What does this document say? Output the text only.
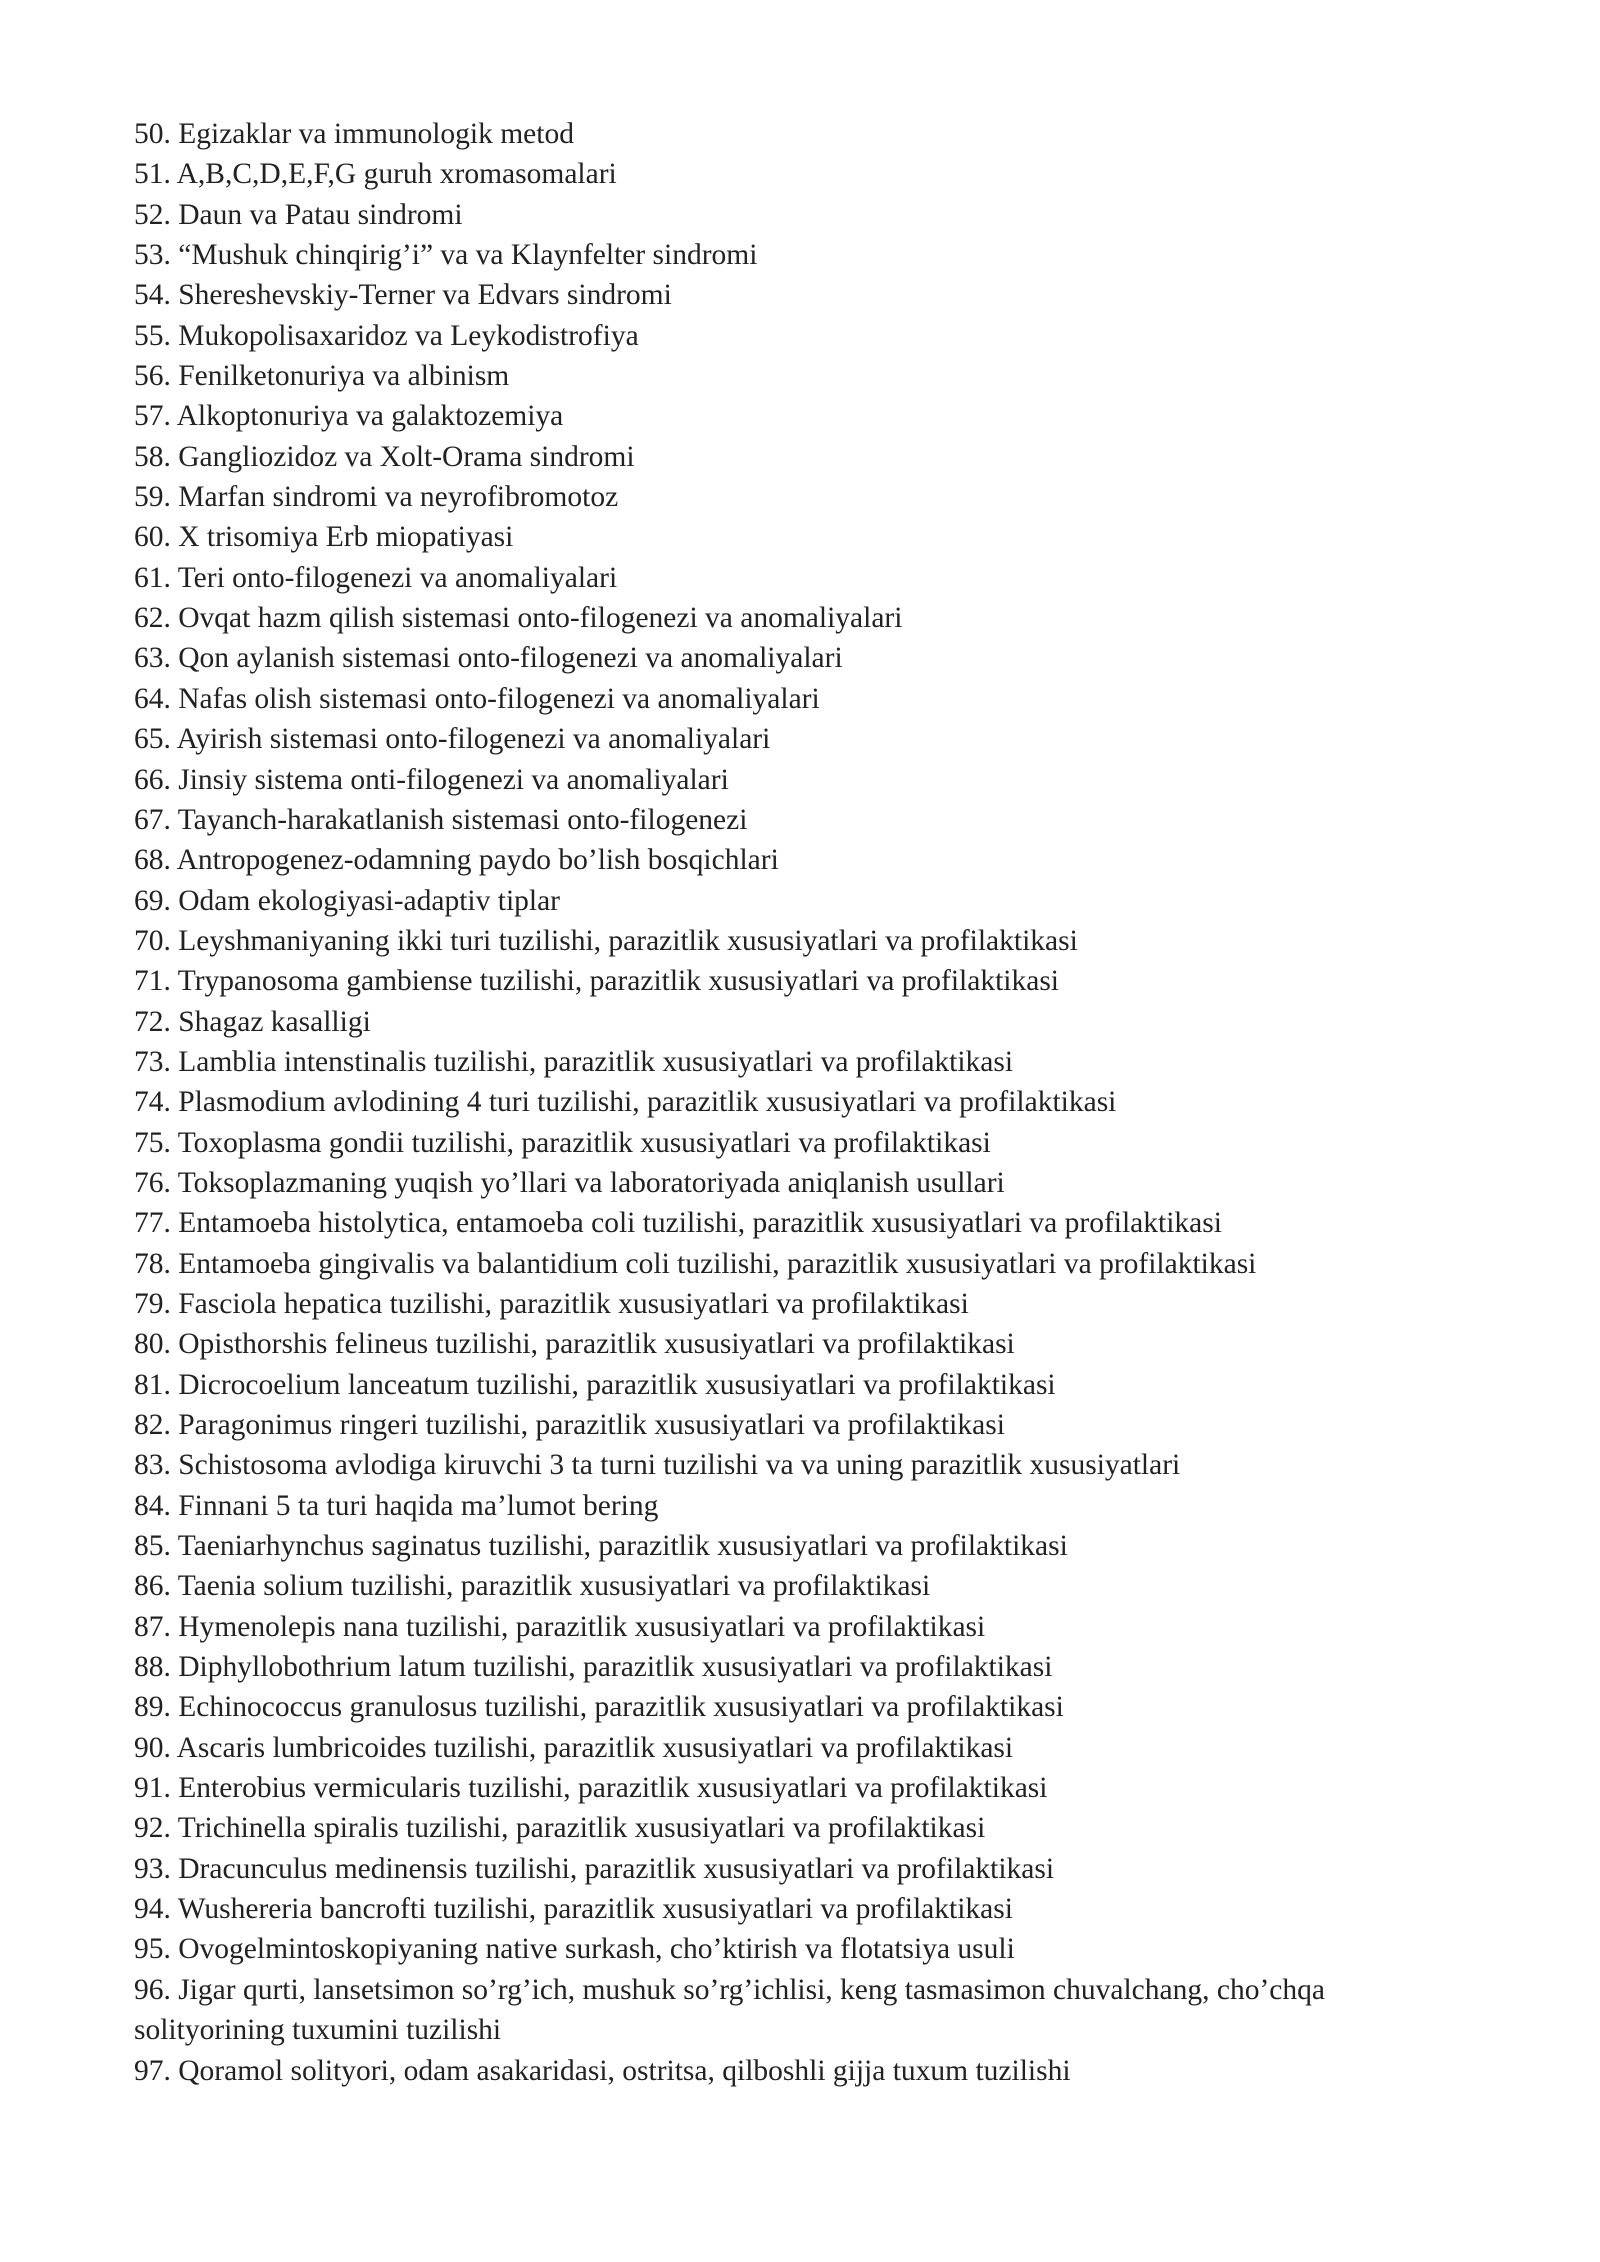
50. Egizaklar va immunologik metod
51. A,B,C,D,E,F,G guruh xromasomalari
52. Daun va Patau sindromi
53. “Mushuk chinqirig’i” va va Klaynfelter sindromi
54. Shereshevskiy-Terner va Edvars sindromi
55. Mukopolisaxaridoz va Leykodistrofiya
56. Fenilketonuriya va albinism
57. Alkoptonuriya va galaktozemiya
58. Gangliozidoz va Xolt-Orama sindromi
59. Marfan sindromi va neyrofibromotoz
60. X trisomiya Erb miopatiyasi
61. Teri onto-filogenezi va anomaliyalari
62. Ovqat hazm qilish sistemasi onto-filogenezi va anomaliyalari
63. Qon aylanish sistemasi onto-filogenezi va anomaliyalari
64. Nafas olish sistemasi onto-filogenezi va anomaliyalari
65. Ayirish sistemasi onto-filogenezi va anomaliyalari
66. Jinsiy sistema onti-filogenezi va anomaliyalari
67. Tayanch-harakatlanish sistemasi onto-filogenezi
68. Antropogenez-odamning paydo bo’lish bosqichlari
69. Odam ekologiyasi-adaptiv tiplar
70. Leyshmaniyaning ikki turi tuzilishi, parazitlik xususiyatlari va profilaktikasi
71. Trypanosoma gambiense tuzilishi, parazitlik xususiyatlari va profilaktikasi
72. Shagaz kasalligi
73. Lamblia intenstinalis tuzilishi, parazitlik xususiyatlari va profilaktikasi
74. Plasmodium avlodining 4 turi tuzilishi, parazitlik xususiyatlari va profilaktikasi
75. Toxoplasma gondii tuzilishi, parazitlik xususiyatlari va profilaktikasi
76. Toksoplazmaning yuqish yo’llari va laboratoriyada aniqlanish usullari
77. Entamoeba histolytica, entamoeba coli tuzilishi, parazitlik xususiyatlari va profilaktikasi
78. Entamoeba gingivalis va balantidium coli tuzilishi, parazitlik xususiyatlari va profilaktikasi
79. Fasciola hepatica tuzilishi, parazitlik xususiyatlari va profilaktikasi
80. Opisthorshis felineus tuzilishi, parazitlik xususiyatlari va profilaktikasi
81. Dicrocoelium lanceatum tuzilishi, parazitlik xususiyatlari va profilaktikasi
82. Paragonimus ringeri tuzilishi, parazitlik xususiyatlari va profilaktikasi
83. Schistosoma avlodiga kiruvchi 3 ta turni tuzilishi va va uning parazitlik xususiyatlari
84. Finnani 5 ta turi haqida ma’lumot bering
85. Taeniarhynchus saginatus tuzilishi, parazitlik xususiyatlari va profilaktikasi
86. Taenia solium tuzilishi, parazitlik xususiyatlari va profilaktikasi
87. Hymenolepis nana tuzilishi, parazitlik xususiyatlari va profilaktikasi
88. Diphyllobothrium latum tuzilishi, parazitlik xususiyatlari va profilaktikasi
89. Echinococcus granulosus tuzilishi, parazitlik xususiyatlari va profilaktikasi
90. Ascaris lumbricoides tuzilishi, parazitlik xususiyatlari va profilaktikasi
91. Enterobius vermicularis tuzilishi, parazitlik xususiyatlari va profilaktikasi
92. Trichinella spiralis tuzilishi, parazitlik xususiyatlari va profilaktikasi
93. Dracunculus medinensis tuzilishi, parazitlik xususiyatlari va profilaktikasi
94. Wushereria bancrofti tuzilishi, parazitlik xususiyatlari va profilaktikasi
95. Ovogelmintoskopiyaning native surkash, cho’ktirish va flotatsiya usuli
96. Jigar qurti, lansetsimon so’rg’ich, mushuk so’rg’ichlisi, keng tasmasimon chuvalchang, cho’chqa solityorining tuxumini tuzilishi
97. Qoramol solityori, odam asakaridasi, ostritsa, qilboshli gijja tuxum tuzilishi
